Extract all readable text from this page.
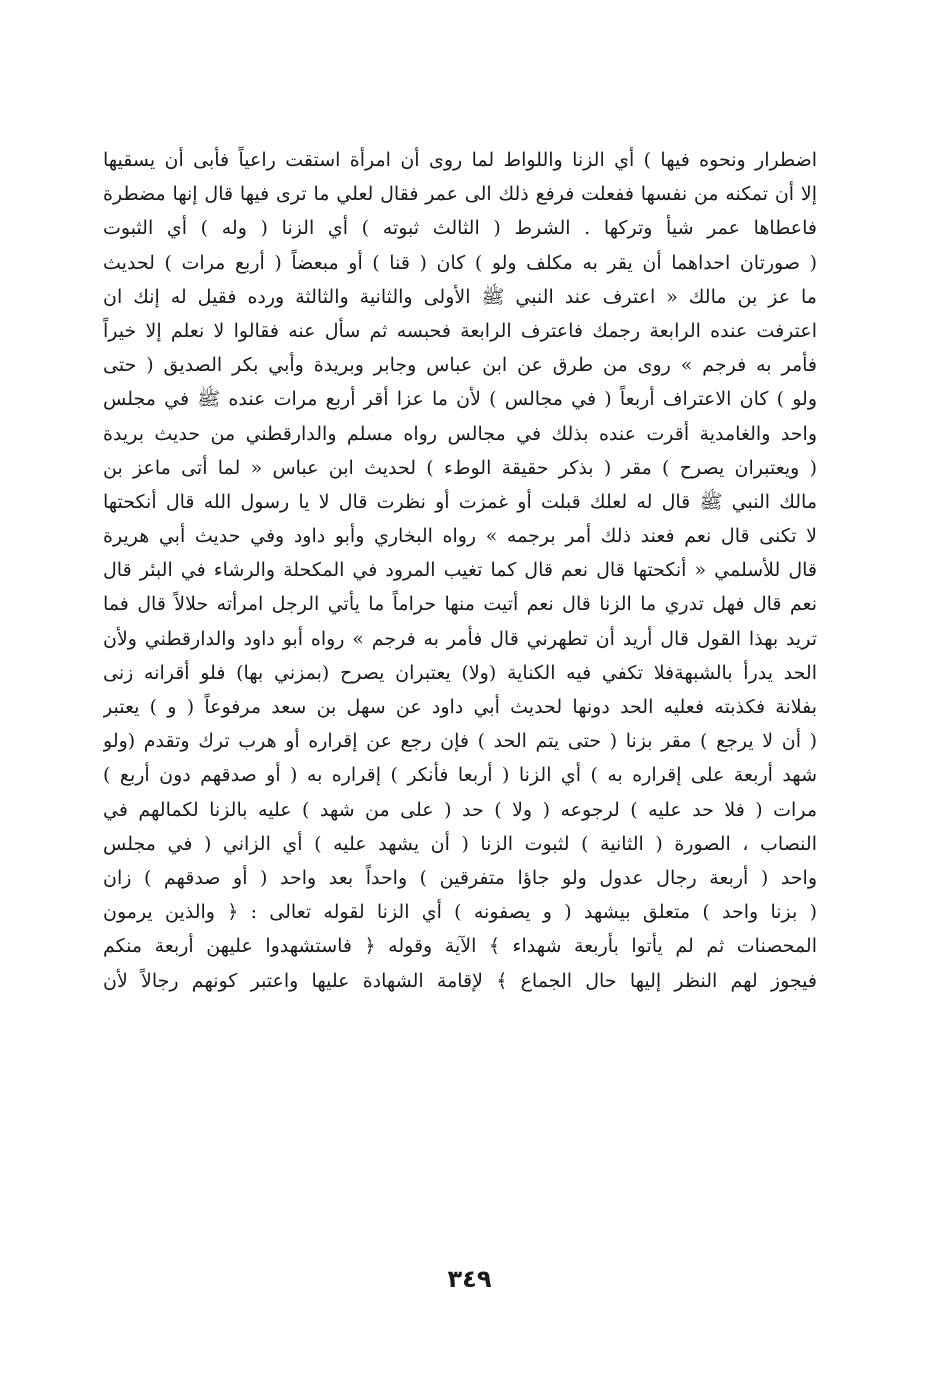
اضطرار ونحوه فيها ) أي الزنا واللواط لما روى أن امرأة استقت راعياً فأبى أن يسقيها
إلا أن تمكنه من نفسها ففعلت فرفع ذلك الى عمر فقال لعلي ما ترى فيها قال إنها مضطرة
فاعطاها عمر شيأ وتركها . الشرط ( الثالث ثبوته ) أي الزنا ( وله ) أي الثبوت
( صورتان احداهما أن يقر به مكلف ولو ) كان ( قنا ) أو مبعضاً ( أربع مرات ) لحديث
ما عز بن مالك « اعترف عند النبي ﷺ الأولى والثانية والثالثة ورده فقيل له إنك ان
اعترفت عنده الرابعة رجمك فاعترف الرابعة فحبسه ثم سأل عنه فقالوا لا نعلم إلا خيراً
فأمر به فرجم » روى من طرق عن ابن عباس وجابر وبريدة وأبي بكر الصديق ( حتى
ولو ) كان الاعتراف أربعاً ( في مجالس ) لأن ما عزا أقر أربع مرات عنده ﷺ في مجلس
واحد والغامدية أقرت عنده بذلك في مجالس رواه مسلم والدارقطني من حديث بريدة
( ويعتبران يصرح ) مقر ( بذكر حقيقة الوطء ) لحديث ابن عباس « لما أتى ماعز بن
مالك النبي ﷺ قال له لعلك قبلت أو غمزت أو نظرت قال لا يا رسول الله قال أنكحتها
لا تكنى قال نعم فعند ذلك أمر برجمه » رواه البخاري وأبو داود وفي حديث أبي هريرة
قال للأسلمي « أنكحتها قال نعم قال كما تغيب المرود في المكحلة والرشاء في البئر قال
نعم قال فهل تدري ما الزنا قال نعم أتيت منها حراماً ما يأتي الرجل امرأته حلالاً قال فما
تريد بهذا القول قال أريد أن تطهرني قال فأمر به فرجم » رواه أبو داود والدارقطني ولأن
الحد يدرأ بالشبهةفلا تكفي فيه الكناية (ولا) يعتبران يصرح (بمزني بها) فلو أقرانه زنى
بفلانة فكذبته فعليه الحد دونها لحديث أبي داود عن سهل بن سعد مرفوعاً ( و ) يعتبر
( أن لا يرجع ) مقر بزنا ( حتى يتم الحد ) فإن رجع عن إقراره أو هرب ترك وتقدم (ولو
شهد أربعة على إقراره به ) أي الزنا ( أربعا فأنكر ) إقراره به ( أو صدقهم دون أربع )
مرات ( فلا حد عليه ) لرجوعه ( ولا ) حد ( على من شهد ) عليه بالزنا لكمالهم في
النصاب ، الصورة ( الثانية ) لثبوت الزنا ( أن يشهد عليه ) أي الزاني ( في مجلس
واحد ( أربعة رجال عدول ولو جاؤا متفرقين ) واحداً بعد واحد ( أو صدقهم ) زان
( بزنا واحد ) متعلق بيشهد ( و يصفونه ) أي الزنا لقوله تعالى : ﴿ والذين يرمون
المحصنات ثم لم يأتوا بأربعة شهداء ﴾ الآية وقوله ﴿ فاستشهدوا عليهن أربعة منكم
فيجوز لهم النظر إليها حال الجماع ﴾ لإقامة الشهادة عليها واعتبر كونهم رجالاً لأن
٣٤٩
